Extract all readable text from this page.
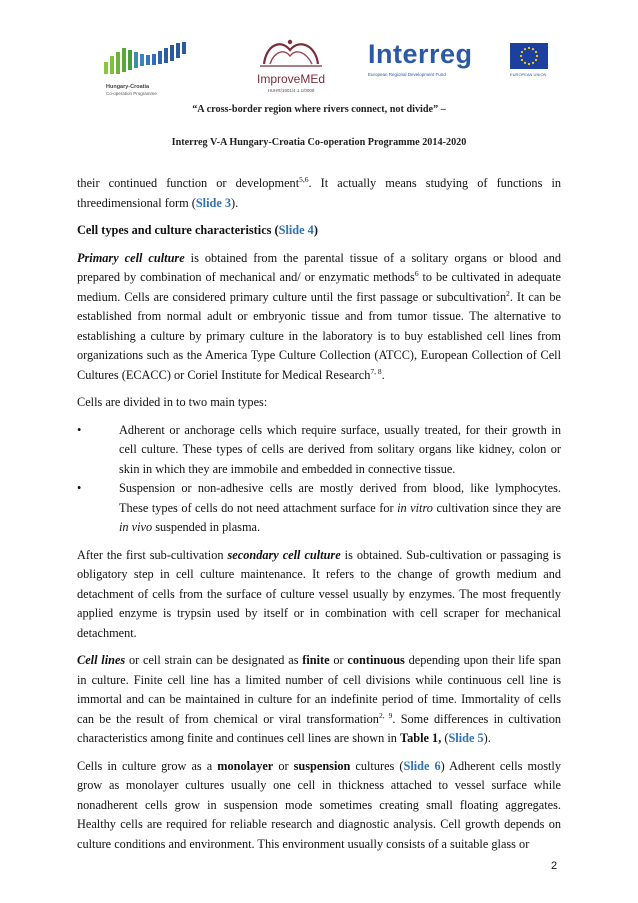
Hungary-Croatia
Co-operation Programme
ImproveMEd
HUHR/1901/4.1.1/0009
Interreg
European Regional Development Fund	EUROPEAN UNION
“A cross-border region where rivers connect, not divide” –
Interreg V-A Hungary-Croatia Co-operation Programme 2014-2020

their continued function or development$^{5,6}$. It actually means studying of functions in threedimensional form (Slide 3).

Cell types and culture characteristics (Slide 4)

Primary cell culture is obtained from the parental tissue of a solitary organs or blood and prepared by combination of mechanical and/ or enzymatic methods$^6$ to be cultivated in adequate medium. Cells are considered primary culture until the first passage or subcultivation$^2$. It can be established from normal adult or embryonic tissue and from tumor tissue. The alternative to establishing a culture by primary culture in the laboratory is to buy established cell lines from organizations such as the America Type Culture Collection (ATCC), European Collection of Cell Cultures (ECACC) or Coriel Institute for Medical Research$^{7, 8}$.

Cells are divided in to two main types:

•	Adherent or anchorage cells which require surface, usually treated, for their growth in cell culture. These types of cells are derived from solitary organs like kidney, colon or skin in which they are immobile and embedded in connective tissue.
•	Suspension or non-adhesive cells are mostly derived from blood, like lymphocytes. These types of cells do not need attachment surface for in vitro cultivation since they are in vivo suspended in plasma.

After the first sub-cultivation secondary cell culture is obtained. Sub-cultivation or passaging is obligatory step in cell culture maintenance. It refers to the change of growth medium and detachment of cells from the surface of culture vessel usually by enzymes. The most frequently applied enzyme is trypsin used by itself or in combination with cell scraper for mechanical detachment.

Cell lines or cell strain can be designated as finite or continuous depending upon their life span in culture. Finite cell line has a limited number of cell divisions while continuous cell line is immortal and can be maintained in culture for an indefinite period of time. Immortality of cells can be the result of from chemical or viral transformation$^{2, 9}$. Some differences in cultivation characteristics among finite and continues cell lines are shown in Table 1, (Slide 5).

Cells in culture grow as a monolayer or suspension cultures (Slide 6) Adherent cells mostly grow as monolayer cultures usually one cell in thickness attached to vessel surface while nonadherent cells grow in suspension mode sometimes creating small floating aggregates. Healthy cells are required for reliable research and diagnostic analysis. Cell growth depends on culture conditions and environment. This environment usually consists of a suitable glass or

2
